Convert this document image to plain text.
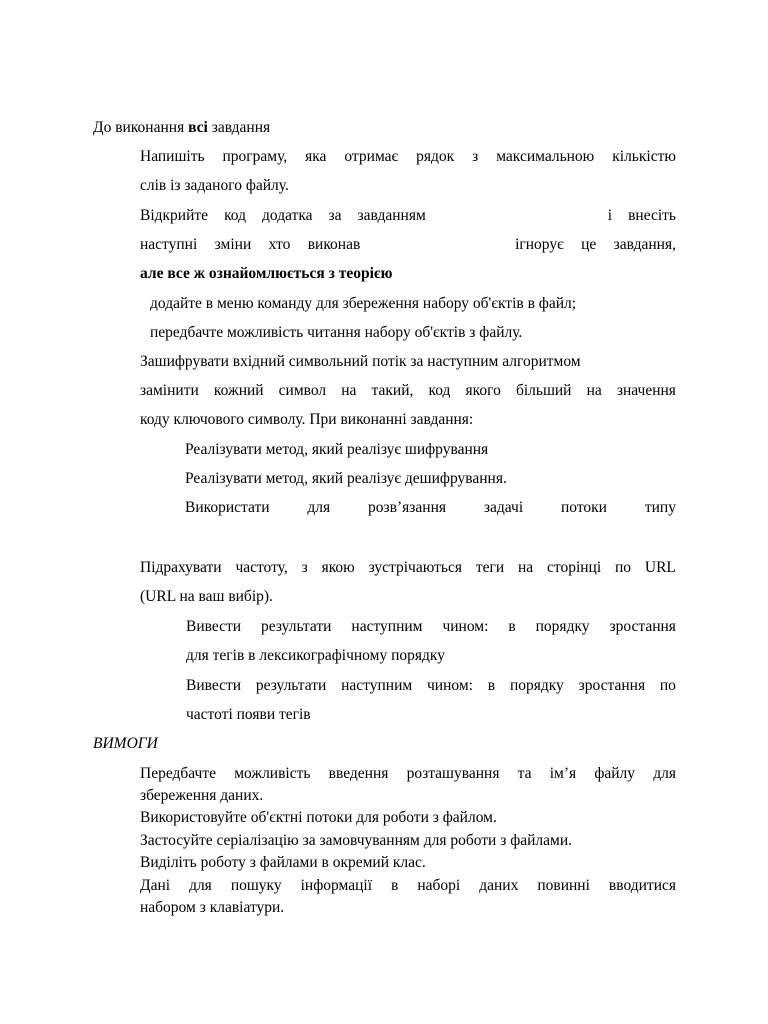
До виконання всі завдання
Напишіть програму, яка отримає рядок з максимальною кількістю
слів із заданого файлу.
Відкрийте код додатка за завданням	і внесіть
наступні зміни хто виконав	ігнорує це завдання,
але все ж ознайомлюється з теорією
додайте в меню команду для збереження набору об'єктів в файл;
передбачте можливість читання набору об'єктів з файлу.
Зашифрувати вхідний символьний потік за наступним алгоритмом
замінити кожний символ на такий, код якого більший на значення
коду ключового символу. При виконанні завдання:
Реалізувати метод, який реалізує шифрування
Реалізувати метод, який реалізує дешифрування.
Використати для розв’язання задачі потоки типу
Підрахувати частоту, з якою зустрічаються теги на сторінці по URL
(URL на ваш вибір).
Вивести результати наступним чином: в порядку зростання
для тегів в лексикографічному порядку
Вивести результати наступним чином: в порядку зростання по
частоті появи тегів
ВИМОГИ
Передбачте можливість введення розташування та ім’я файлу для
збереження даних.
Використовуйте об'єктні потоки для роботи з файлом.
Застосуйте серіалізацію за замовчуванням для роботи з файлами.
Виділіть роботу з файлами в окремий клас.
Дані для пошуку інформації в наборі даних повинні вводитися
набором з клавіатури.
